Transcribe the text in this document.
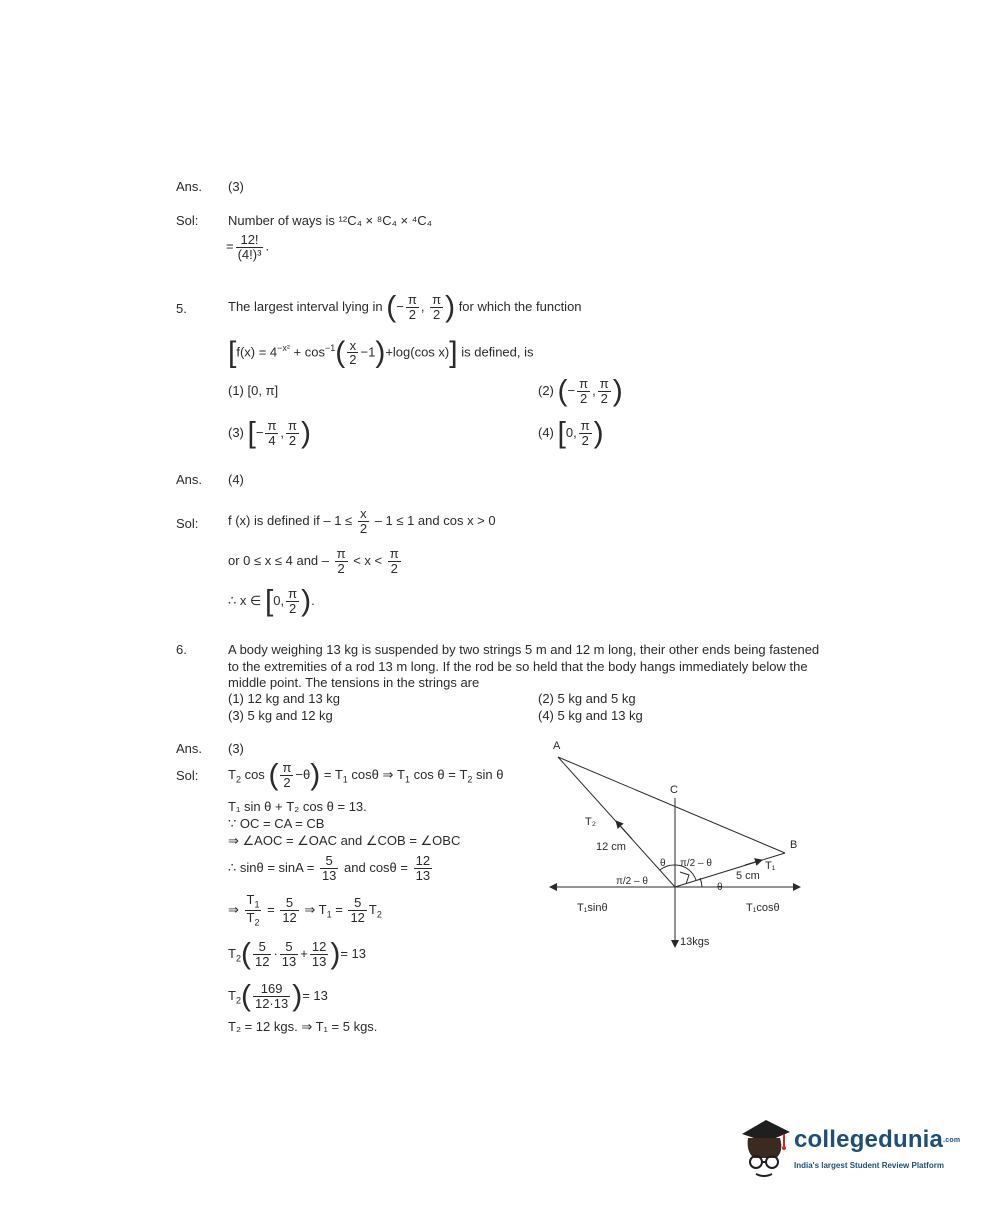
Ans. (3)
Sol: Number of ways is ¹²C₄ × ⁸C₄ × ⁴C₄
= $\frac{12!}{\text{(4!)³}}$ .
5.	The largest interval lying in (− $\frac{\pi}{2}$ , $\frac{\pi}{2}$ ) for which the function
[$f(x) = 4^{-x^2} + \cos^{-1}( \frac{x}{2} -1)+\log(\cos$ x)] is defined, is
(1) [0, π]	(2) (− $\frac{\pi}{2}$ , $\frac{\pi}{2}$ )
(3) [− $\frac{\pi}{4}$ , $\frac{\pi}{2}$ )	(4) [0, $\frac{\pi}{2}$ )
Ans. (4)
Sol: f (x) is defined if – $1 \le \frac{x}{2} - 1 \le 1$ and cos x > 0
or 0 ≤ x ≤ 4 and – $\frac{\pi}{2} < x < \frac{\pi}{2}$
∴ x ∈ [0, $\frac{\pi}{2}$ ).
6.	A body weighing 13 kg is suspended by two strings 5 m and 12 m long, their other ends being fastened to the extremities of a rod 13 m long. If the rod be so held that the body hangs immediately below the middle point. The tensions in the strings are
(1) 12 kg and 13 kg	(2) 5 kg and 5 kg
(3) 5 kg and 12 kg	(4) 5 kg and 13 kg
Ans. (3)
Sol: $T_2$ cos ( $\frac{\pi}{2} -\theta) = T_1$ cosθ ⇒ $T_1$ $\cos \theta = T_2$ sin θ
T₁ sin θ + T₂ cos θ = 13.
∵ OC = CA = CB
⇒ ∠AOC = ∠OAC and ∠COB = ∠OBC
∴ $\sin\theta = \sin A = \frac{5}{13}$ and $\cos\theta = \frac{12}{13}$
⇒ $\frac{T_1}{T_2} = \frac{5}{12}$ ⇒ $T_1 = \frac{5}{12} T_2$
$T_2( \frac{5}{12} \cdot \frac{5}{13} + \frac{12}{13}$ )= 13
$T_2( \frac{169}{12\cdot 13}$ )= 13
T₂ = 12 kgs. ⇒ T₁ = 5 kgs.
A
C
B
T₂
T₁
12 cm
5 cm
θ π/2 – θ
π/2 – θ
θ
T₁sinθ	T₁cosθ
13kgs
collegedunia.com
India's largest Student Review Platform
